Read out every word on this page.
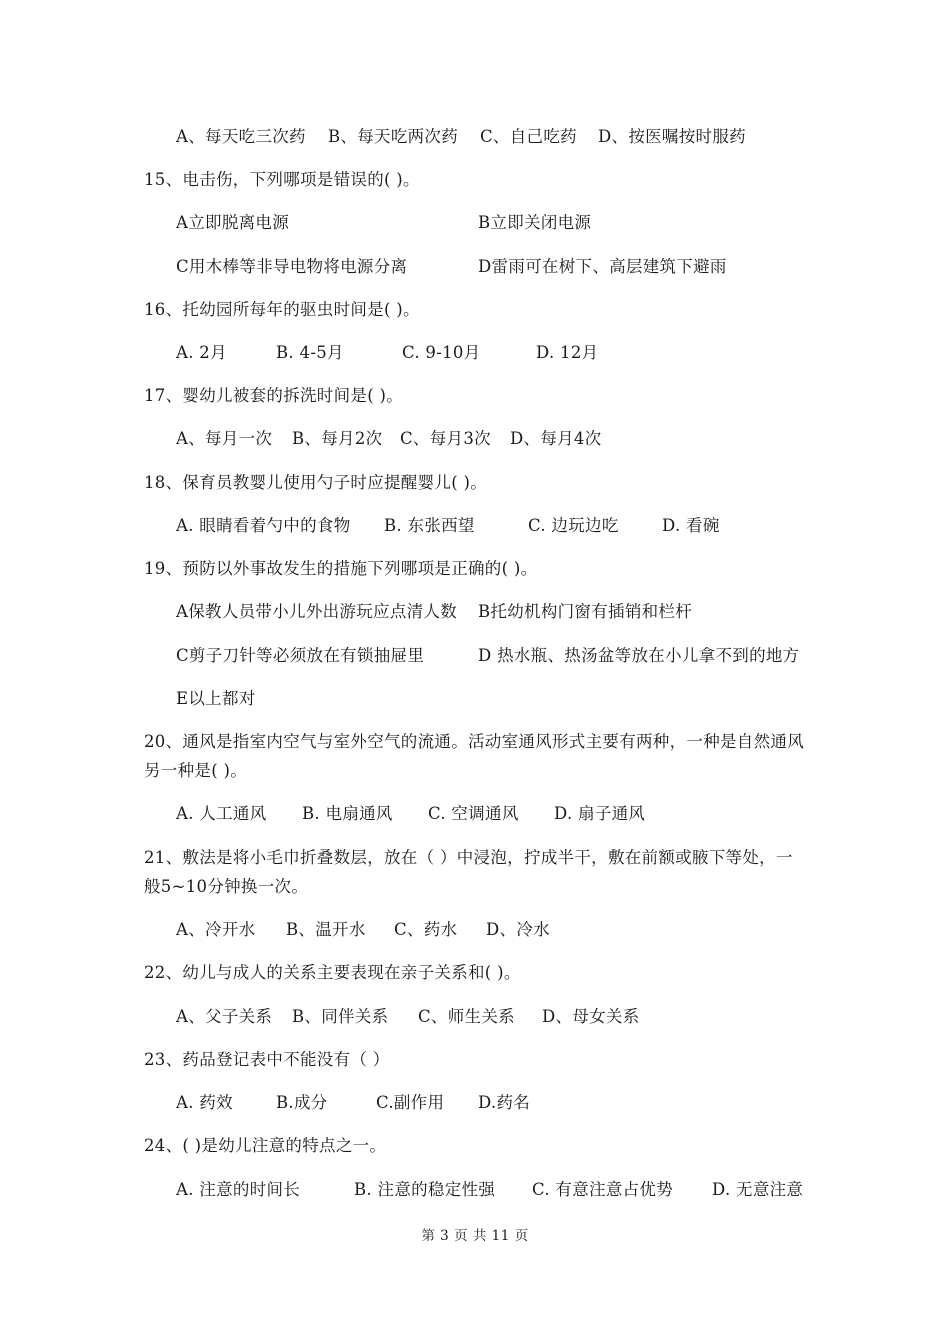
A、每天吃三次药 B、每天吃两次药 C、自己吃药 D、按医嘱按时服药
15、电击伤，下列哪项是错误的( )。
A立即脱离电源	B立即关闭电源
C用木棒等非导电物将电源分离	D雷雨可在树下、高层建筑下避雨
16、托幼园所每年的驱虫时间是( )。
A. 2月	B. 4-5月	C. 9-10月	D. 12月
17、婴幼儿被套的拆洗时间是( )。
A、每月一次 B、每月2次 C、每月3次 D、每月4次
18、保育员教婴儿使用勺子时应提醒婴儿( )。
A. 眼睛看着勺中的食物 B. 东张西望	C. 边玩边吃	D. 看碗
19、预防以外事故发生的措施下列哪项是正确的( )。
A保教人员带小儿外出游玩应点清人数 B托幼机构门窗有插销和栏杆
C剪子刀针等必须放在有锁抽屉里	D 热水瓶、热汤盆等放在小儿拿不到的地方
E以上都对
20、通风是指室内空气与室外空气的流通。活动室通风形式主要有两种，一种是自然通风
另一种是( )。
A. 人工通风 B. 电扇通风 C. 空调通风 D. 扇子通风
21、敷法是将小毛巾折叠数层，放在（ ）中浸泡，拧成半干，敷在前额或腋下等处，一
般5~10分钟换一次。
A、冷开水 B、温开水 C、药水 D、冷水
22、幼儿与成人的关系主要表现在亲子关系和( )。
A、父子关系 B、同伴关系 C、师生关系 D、母女关系
23、药品登记表中不能没有（ ）
A. 药效	B.成分	C.副作用 D.药名
24、( )是幼儿注意的特点之一。
A. 注意的时间长	B. 注意的稳定性强 C. 有意注意占优势 D. 无意注意
第 3 页 共 11 页
